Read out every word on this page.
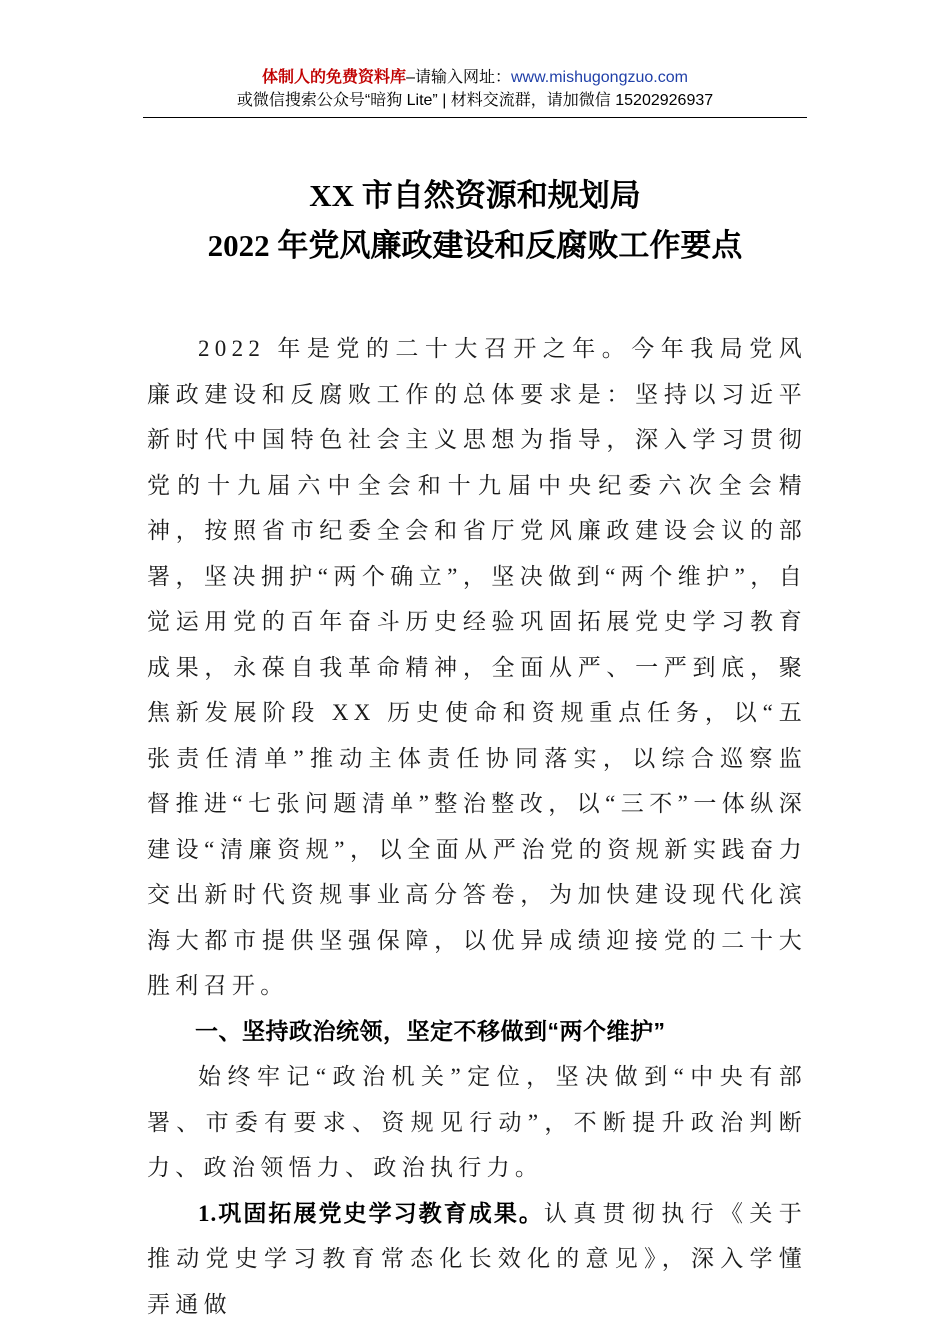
体制人的免费资料库–请输入网址：www.mishugongzuo.com
或微信搜索公众号“暗狗 Lite” | 材料交流群，请加微信 15202926937
XX 市自然资源和规划局
2022 年党风廉政建设和反腐败工作要点

2022 年是党的二十大召开之年。今年我局党风廉政建设和反腐败工作的总体要求是：坚持以习近平新时代中国特色社会主义思想为指导，深入学习贯彻党的十九届六中全会和十九届中央纪委六次全会精神，按照省市纪委全会和省厅党风廉政建设会议的部署，坚决拥护“两个确立”，坚决做到“两个维护”，自觉运用党的百年奋斗历史经验巩固拓展党史学习教育成果，永葆自我革命精神，全面从严、一严到底，聚焦新发展阶段 XX 历史使命和资规重点任务，以“五张责任清单”推动主体责任协同落实，以综合巡察监督推进“七张问题清单”整治整改，以“三不”一体纵深建设“清廉资规”，以全面从严治党的资规新实践奋力交出新时代资规事业高分答卷，为加快建设现代化滨海大都市提供坚强保障，以优异成绩迎接党的二十大胜利召开。

一、坚持政治统领，坚定不移做到“两个维护”

始终牢记“政治机关”定位，坚决做到“中央有部署、市委有要求、资规见行动”，不断提升政治判断力、政治领悟力、政治执行力。

1.巩固拓展党史学习教育成果。认真贯彻执行《关于推动党史学习教育常态化长效化的意见》，深入学懂弄通做
